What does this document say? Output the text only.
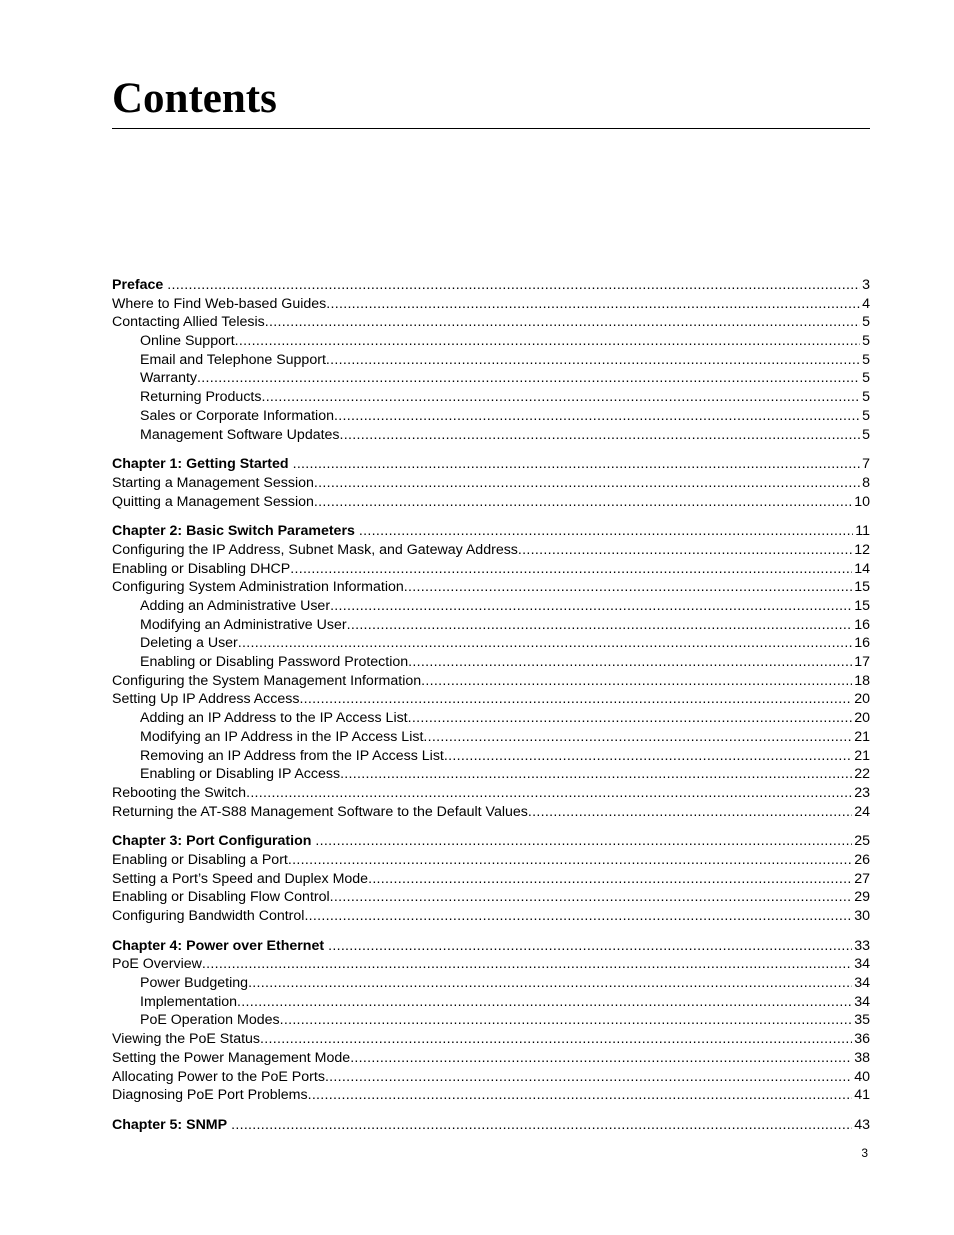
Contents
Preface .....	3
Where to Find Web-based Guides .....	4
Contacting Allied Telesis .....	5
Online Support .....	5
Email and Telephone Support .....	5
Warranty .....	5
Returning Products .....	5
Sales or Corporate Information .....	5
Management Software Updates .....	5
Chapter 1: Getting Started .....	7
Starting a Management Session .....	8
Quitting a Management Session .....	10
Chapter 2: Basic Switch Parameters .....	11
Configuring the IP Address, Subnet Mask, and Gateway Address .....	12
Enabling or Disabling DHCP .....	14
Configuring System Administration Information .....	15
Adding an Administrative User .....	15
Modifying an Administrative User .....	16
Deleting a User .....	16
Enabling or Disabling Password Protection .....	17
Configuring the System Management Information .....	18
Setting Up IP Address Access .....	20
Adding an IP Address to the IP Access List .....	20
Modifying an IP Address in the IP Access List .....	21
Removing an IP Address from the IP Access List .....	21
Enabling or Disabling IP Access .....	22
Rebooting the Switch .....	23
Returning the AT-S88 Management Software to the Default Values .....	24
Chapter 3: Port Configuration .....	25
Enabling or Disabling a Port .....	26
Setting a Port’s Speed and Duplex Mode .....	27
Enabling or Disabling Flow Control .....	29
Configuring Bandwidth Control .....	30
Chapter 4: Power over Ethernet .....	33
PoE Overview .....	34
Power Budgeting .....	34
Implementation .....	34
PoE Operation Modes .....	35
Viewing the PoE Status .....	36
Setting the Power Management Mode .....	38
Allocating Power to the PoE Ports .....	40
Diagnosing PoE Port Problems .....	41
Chapter 5: SNMP .....	43
3
